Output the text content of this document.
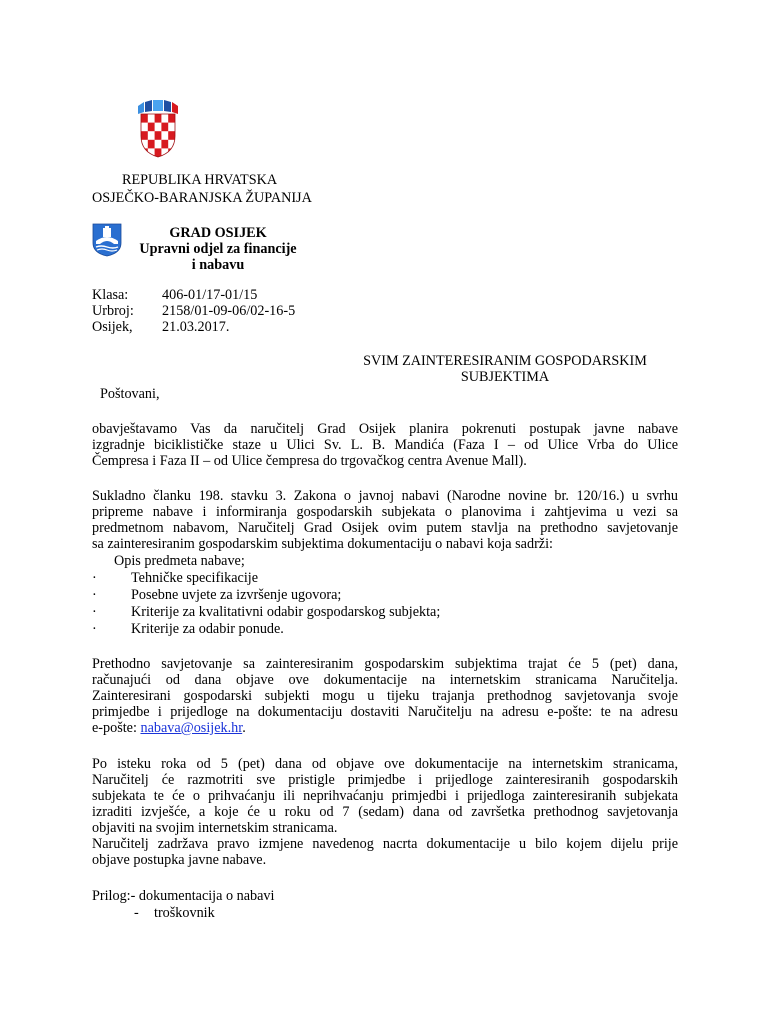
REPUBLIKA HRVATSKA
OSJEČKO-BARANJSKA ŽUPANIJA
GRAD OSIJEK
Upravni odjel za financije
i nabavu
Klasa: 406-01/17-01/15
Urbroj: 2158/01-09-06/02-16-5
Osijek, 21.03.2017.
SVIM ZAINTERESIRANIM GOSPODARSKIM
SUBJEKTIMA
Poštovani,
obavještavamo Vas da naručitelj Grad Osijek planira pokrenuti postupak javne nabave
izgradnje biciklističke staze u Ulici Sv. L. B. Mandića (Faza I – od Ulice Vrba do Ulice
Čempresa i Faza II – od Ulice čempresa do trgovačkog centra Avenue Mall).
Sukladno članku 198. stavku 3. Zakona o javnoj nabavi (Narodne novine br. 120/16.) u svrhu
pripreme nabave i informiranja gospodarskih subjekata o planovima i zahtjevima u vezi sa
predmetnom nabavom, Naručitelj Grad Osijek ovim putem stavlja na prethodno savjetovanje
sa zainteresiranim gospodarskim subjektima dokumentaciju o nabavi koja sadrži:
Opis predmeta nabave;
· Tehničke specifikacije
· Posebne uvjete za izvršenje ugovora;
· Kriterije za kvalitativni odabir gospodarskog subjekta;
· Kriterije za odabir ponude.
Prethodno savjetovanje sa zainteresiranim gospodarskim subjektima trajat će 5 (pet) dana,
računajući od dana objave ove dokumentacije na internetskim stranicama Naručitelja.
Zainteresirani gospodarski subjekti mogu u tijeku trajanja prethodnog savjetovanja svoje
primjedbe i prijedloge na dokumentaciju dostaviti Naručitelju na adresu e-pošte: te na adresu
e-pošte: nabava@osijek.hr.
Po isteku roka od 5 (pet) dana od objave ove dokumentacije na internetskim stranicama,
Naručitelj će razmotriti sve pristigle primjedbe i prijedloge zainteresiranih gospodarskih
subjekata te će o prihvaćanju ili neprihvaćanju primjedbi i prijedloga zainteresiranih subjekata
izraditi izvješće, a koje će u roku od 7 (sedam) dana od završetka prethodnog savjetovanja
objaviti na svojim internetskim stranicama.
Naručitelj zadržava pravo izmjene navedenog nacrta dokumentacije u bilo kojem dijelu prije
objave postupka javne nabave.
Prilog:- dokumentacija o nabavi
- troškovnik
